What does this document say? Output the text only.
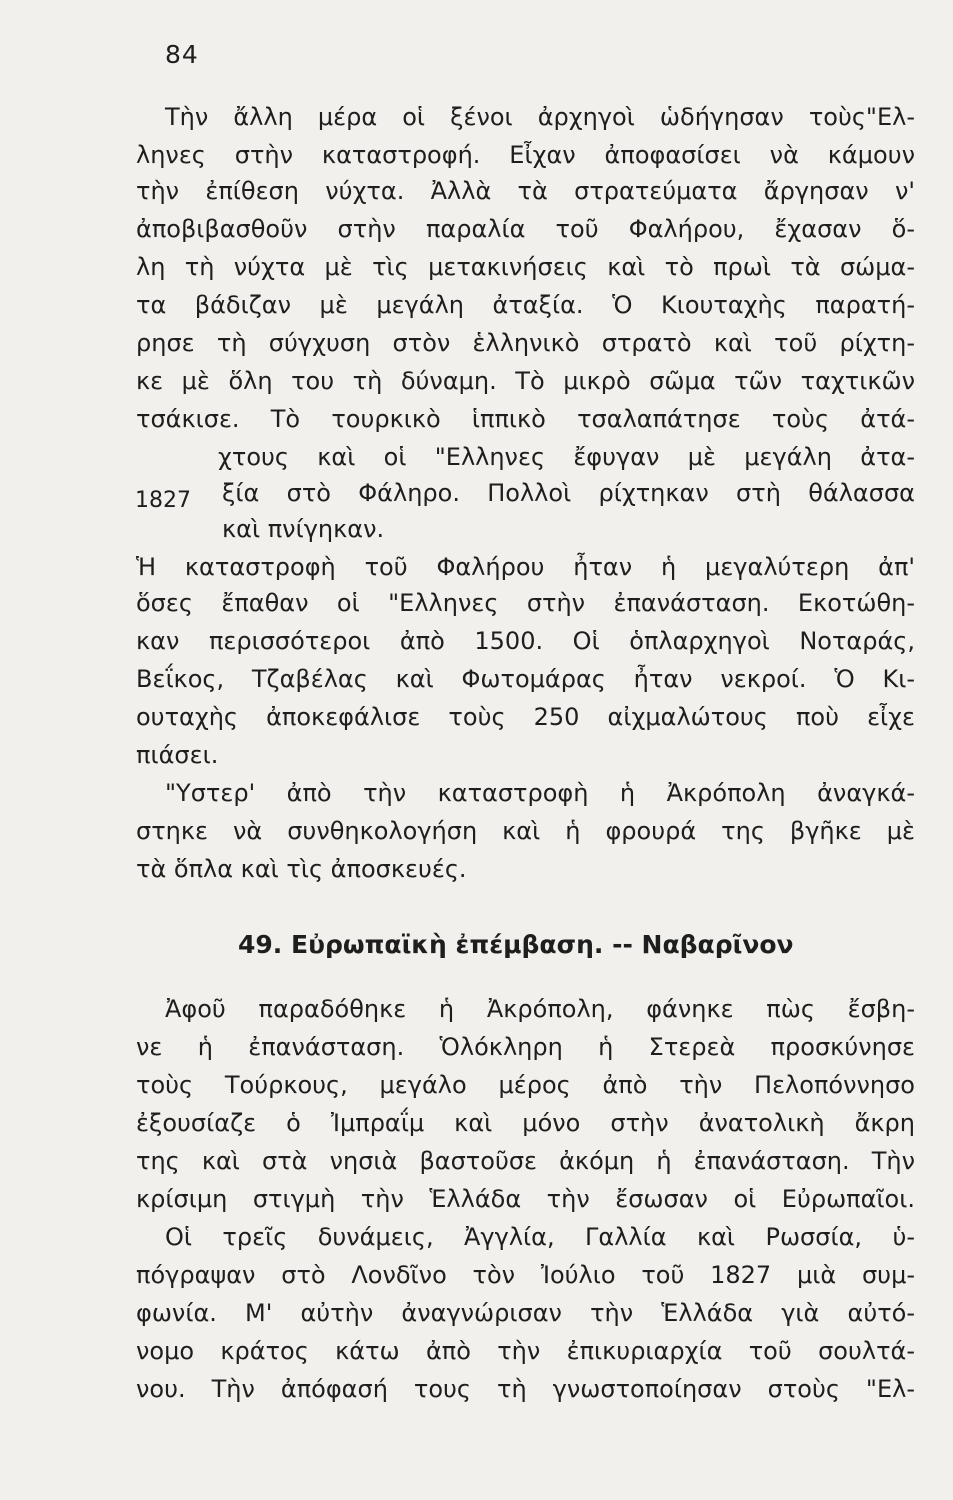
84
1827
Τὴν ἄλλη μέρα οἱ ξένοι ἀρχηγοὶ ὡδήγησαν τοὺς"Ελ-
ληνες στὴν καταστροφή. Εἶχαν ἀποφασίσει νὰ κάμουν
τὴν ἐπίθεση νύχτα. Ἀλλὰ τὰ στρατεύματα ἄργησαν ν'
ἀποβιβασθοῦν στὴν παραλία τοῦ Φαλήρου, ἔχασαν ὅ-
λη τὴ νύχτα μὲ τὶς μετακινήσεις καὶ τὸ πρωὶ τὰ σώμα-
τα βάδιζαν μὲ μεγάλη ἀταξία. Ὁ Κιουταχὴς παρατή-
ρησε τὴ σύγχυση στὸν ἑλληνικὸ στρατὸ καὶ τοῦ ρίχτη-
κε μὲ ὅλη του τὴ δύναμη. Τὸ μικρὸ σῶμα τῶν ταχτικῶν
τσάκισε. Τὸ τουρκικὸ ἱππικὸ τσαλαπάτησε τοὺς ἀτά-
χτους καὶ οἱ "Ελληνες ἔφυγαν μὲ μεγάλη ἀτα-
ξία στὸ Φάληρο. Πολλοὶ ρίχτηκαν στὴ θάλασσα
καὶ πνίγηκαν.
Ἡ καταστροφὴ τοῦ Φαλήρου ἦταν ἡ μεγαλύτερη ἀπ'
ὅσες ἔπαθαν οἱ "Ελληνες στὴν ἐπανάσταση. Εκοτώθη-
καν περισσότεροι ἀπὸ 1500. Οἱ ὁπλαρχηγοὶ Νοταράς,
Βεΐκος, Τζαβέλας καὶ Φωτομάρας ἦταν νεκροί. Ὁ Κι-
ουταχὴς ἀποκεφάλισε τοὺς 250 αἰχμαλώτους ποὺ εἶχε
πιάσει.
"Υστερ' ἀπὸ τὴν καταστροφὴ ἡ Ἀκρόπολη ἀναγκά-
στηκε νὰ συνθηκολογήση καὶ ἡ φρουρά της βγῆκε μὲ
τὰ ὅπλα καὶ τὶς ἀποσκευές.
49. Εὐρωπαϊκὴ ἐπέμβαση. -- Ναβαρῖνον
Ἀφοῦ παραδόθηκε ἡ Ἀκρόπολη, φάνηκε πὼς ἔσβη-
νε ἡ ἐπανάσταση. Ὁλόκληρη ἡ Στερεὰ προσκύνησε
τοὺς Τούρκους, μεγάλο μέρος ἀπὸ τὴν Πελοπόννησο
ἐξουσίαζε ὁ Ἰμπραΐμ καὶ μόνο στὴν ἀνατολικὴ ἄκρη
της καὶ στὰ νησιὰ βαστοῦσε ἀκόμη ἡ ἐπανάσταση. Τὴν
κρίσιμη στιγμὴ τὴν Ἑλλάδα τὴν ἔσωσαν οἱ Εὐρωπαῖοι.
Οἱ τρεῖς δυνάμεις, Ἀγγλία, Γαλλία καὶ Ρωσσία, ὑ-
πόγραψαν στὸ Λονδῖνο τὸν Ἰούλιο τοῦ 1827 μιὰ συμ-
φωνία. Μ' αὐτὴν ἀναγνώρισαν τὴν Ἑλλάδα γιὰ αὐτό-
νομο κράτος κάτω ἀπὸ τὴν ἐπικυριαρχία τοῦ σουλτά-
νου. Τὴν ἀπόφασή τους τὴ γνωστοποίησαν στοὺς "Ελ-
